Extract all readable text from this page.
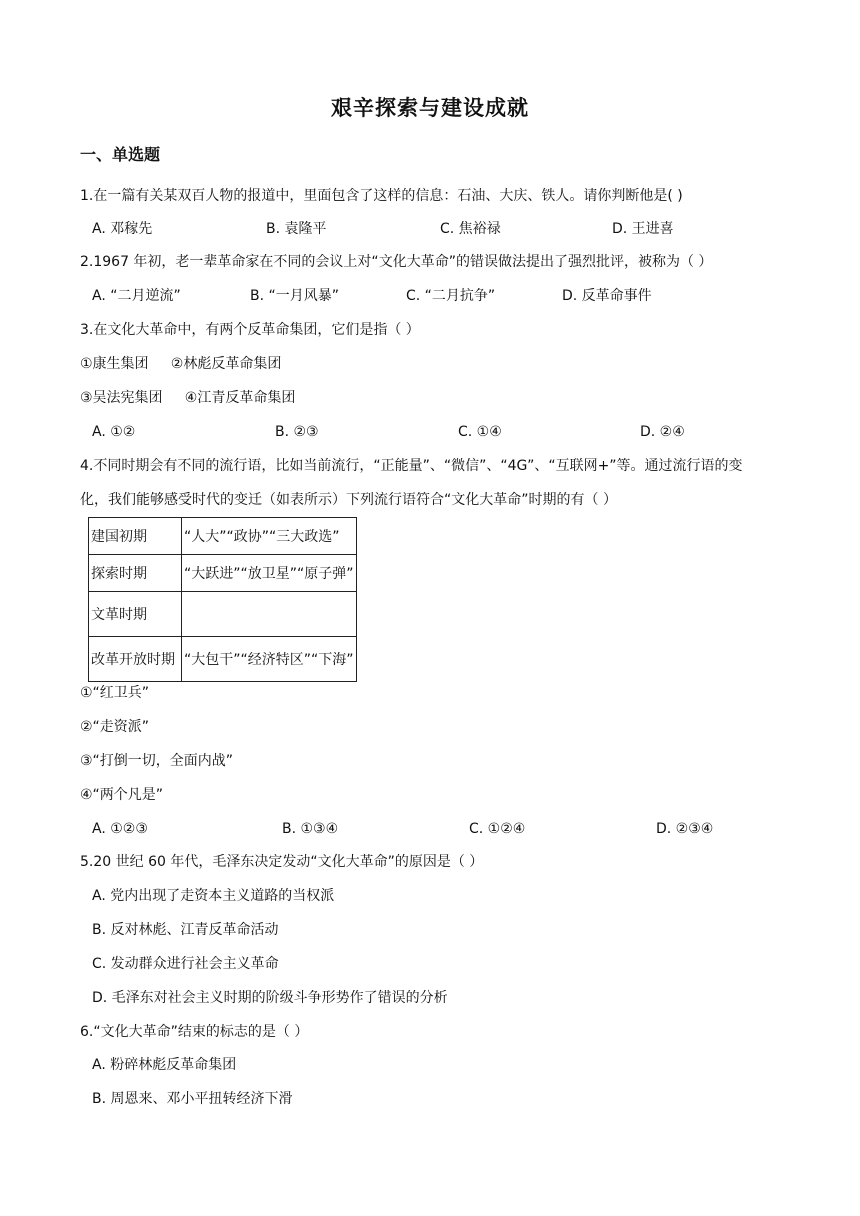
艰辛探索与建设成就
一、单选题
1.在一篇有关某双百人物的报道中，里面包含了这样的信息：石油、大庆、铁人。请你判断他是( )
A. 邓稼先	B. 袁隆平	C. 焦裕禄	D. 王进喜
2.1967 年初，老一辈革命家在不同的会议上对“文化大革命”的错误做法提出了强烈批评，被称为（ ）
A. “二月逆流”	B. “一月风暴”	C. “二月抗争”	D. 反革命事件
3.在文化大革命中，有两个反革命集团，它们是指（ ）
①康生集团     ②林彪反革命集团
③吴法宪集团     ④江青反革命集团
A. ①②	B. ②③	C. ①④	D. ②④
4.不同时期会有不同的流行语，比如当前流行，“正能量”、“微信”、“4G”、“互联网+”等。通过流行语的变
化，我们能够感受时代的变迁（如表所示）下列流行语符合“文化大革命”时期的有（ ）
建国初期	“人大”“政协”“三大政选”
探索时期	“大跃进”“放卫星”“原子弹”
文革时期	
改革开放时期	“大包干”“经济特区”“下海”
①“红卫兵”
②“走资派”
③“打倒一切，全面内战”
④“两个凡是”
A. ①②③	B. ①③④	C. ①②④	D. ②③④
5.20 世纪 60 年代，毛泽东决定发动“文化大革命”的原因是（ ）
A. 党内出现了走资本主义道路的当权派
B. 反对林彪、江青反革命活动
C. 发动群众进行社会主义革命
D. 毛泽东对社会主义时期的阶级斗争形势作了错误的分析
6.“文化大革命”结束的标志的是（ ）
A. 粉碎林彪反革命集团
B. 周恩来、邓小平扭转经济下滑
